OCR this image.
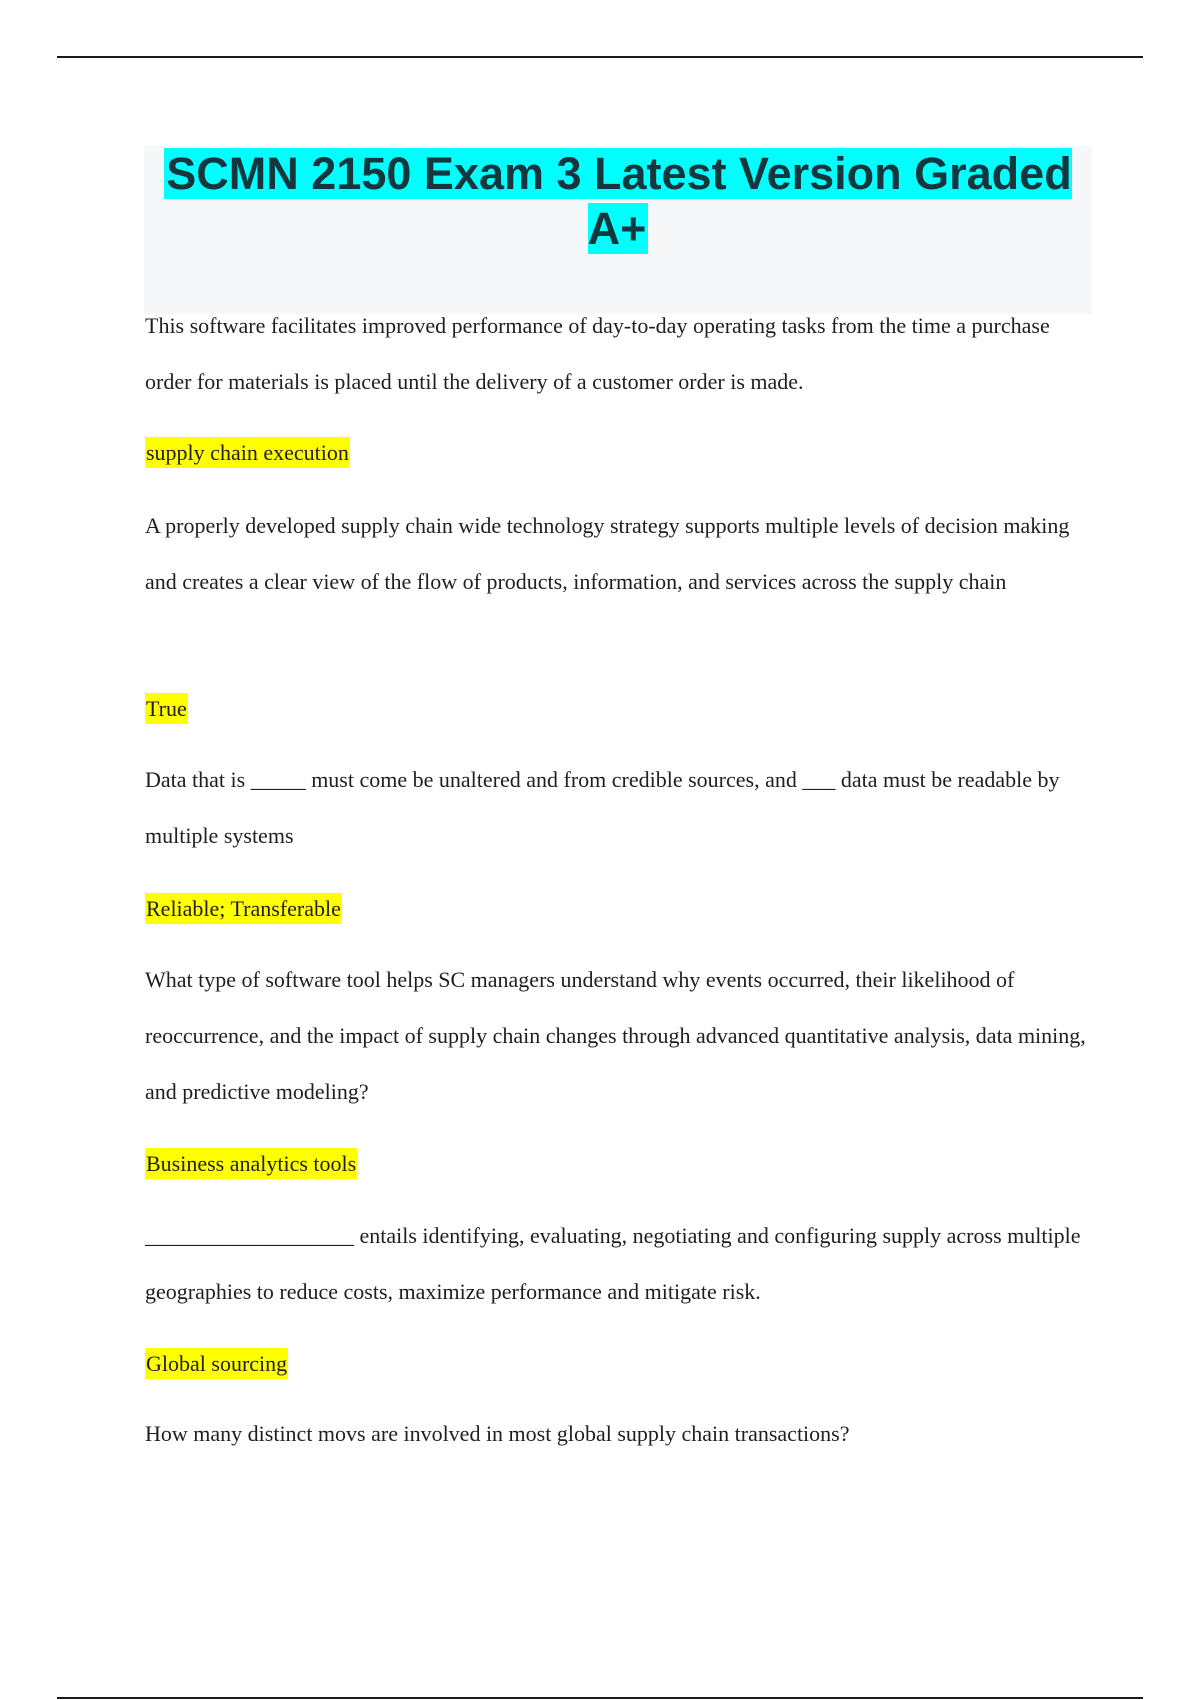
SCMN 2150 Exam 3 Latest Version Graded A+

This software facilitates improved performance of day-to-day operating tasks from the time a purchase order for materials is placed until the delivery of a customer order is made.

supply chain execution

A properly developed supply chain wide technology strategy supports multiple levels of decision making and creates a clear view of the flow of products, information, and services across the supply chain

True

Data that is _____ must come be unaltered and from credible sources, and ___ data must be readable by multiple systems

Reliable; Transferable

What type of software tool helps SC managers understand why events occurred, their likelihood of reoccurrence, and the impact of supply chain changes through advanced quantitative analysis, data mining, and predictive modeling?

Business analytics tools

___________________ entails identifying, evaluating, negotiating and configuring supply across multiple geographies to reduce costs, maximize performance and mitigate risk.

Global sourcing

How many distinct movs are involved in most global supply chain transactions?
